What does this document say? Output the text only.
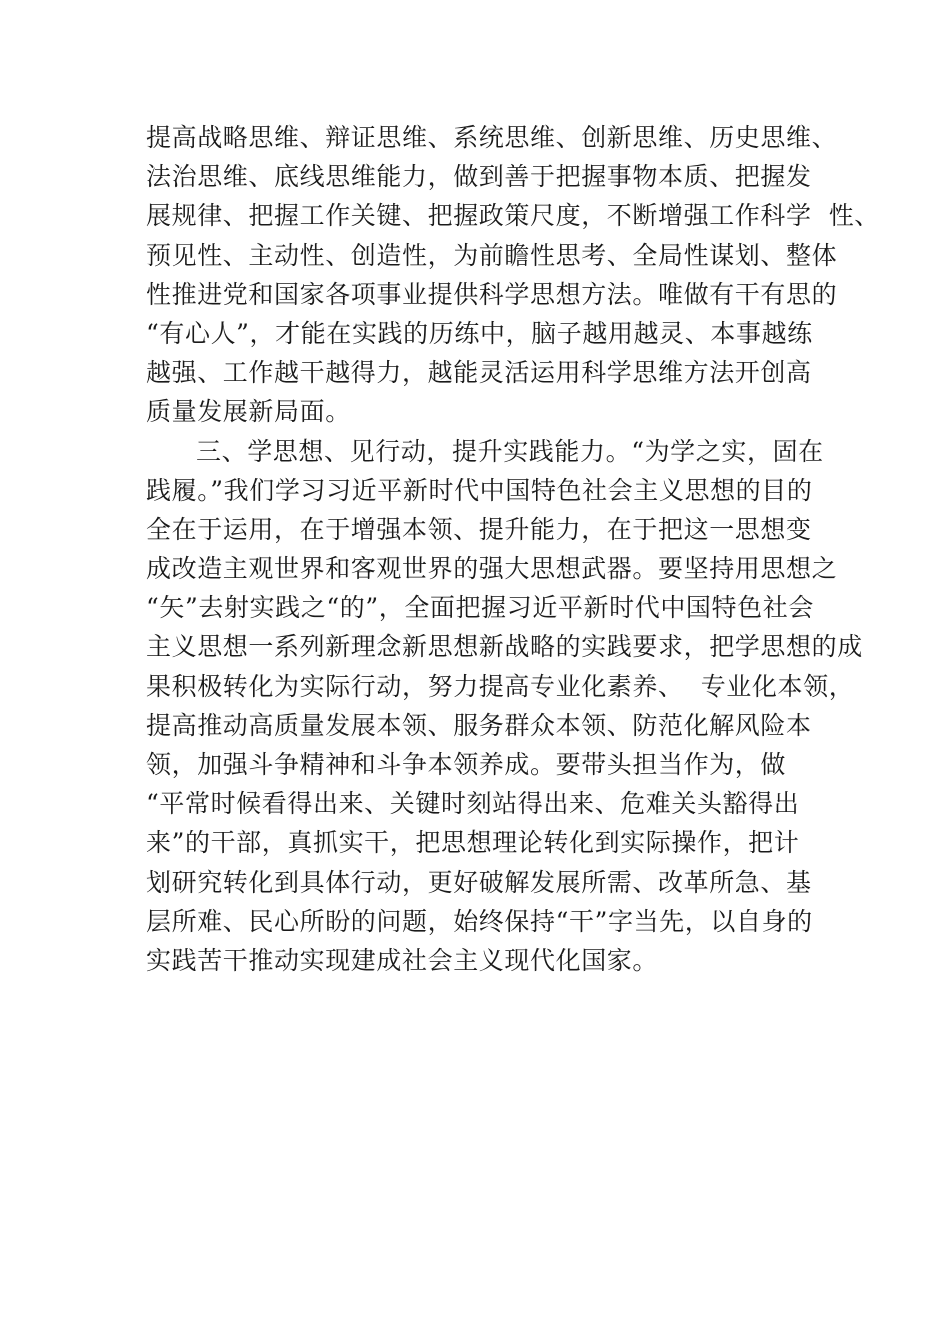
提高战略思维、辩证思维、系统思维、创新思维、历史思维、
法治思维、底线思维能力，做到善于把握事物本质、把握发
展规律、把握工作关键、把握政策尺度，不断增强工作科学  性、
预见性、主动性、创造性，为前瞻性思考、全局性谋划、整体
性推进党和国家各项事业提供科学思想方法。唯做有干有思的
“有心人”，才能在实践的历练中，脑子越用越灵、本事越练
越强、工作越干越得力，越能灵活运用科学思维方法开创高
质量发展新局面。
三、学思想、见行动，提升实践能力。“为学之实，固在
践履。”我们学习习近平新时代中国特色社会主义思想的目的
全在于运用，在于增强本领、提升能力，在于把这一思想变
成改造主观世界和客观世界的强大思想武器。要坚持用思想之
“矢”去射实践之“的”，全面把握习近平新时代中国特色社会
主义思想一系列新理念新思想新战略的实践要求，把学思想的成
果积极转化为实际行动，努力提高专业化素养、  专业化本领，
提高推动高质量发展本领、服务群众本领、防范化解风险本
领，加强斗争精神和斗争本领养成。要带头担当作为，做
“平常时候看得出来、关键时刻站得出来、危难关头豁得出
来”的干部，真抓实干，把思想理论转化到实际操作，把计
划研究转化到具体行动，更好破解发展所需、改革所急、基
层所难、民心所盼的问题，始终保持“干”字当先，以自身的
实践苦干推动实现建成社会主义现代化国家。
